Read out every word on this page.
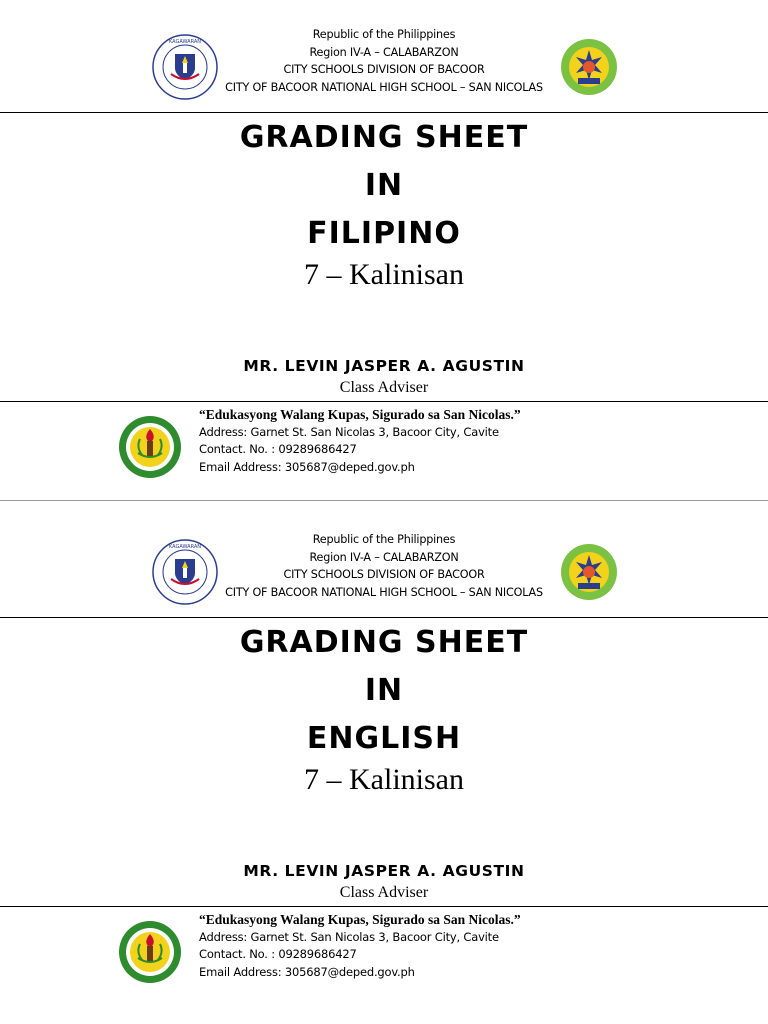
KAGAWARAN
Republic of the Philippines
Region IV-A – CALABARZON
CITY SCHOOLS DIVISION OF BACOOR
CITY OF BACOOR NATIONAL HIGH SCHOOL – SAN NICOLAS
GRADING SHEET
IN
FILIPINO
7 – Kalinisan
MR. LEVIN JASPER A. AGUSTIN
Class Adviser
“Edukasyong Walang Kupas, Sigurado sa San Nicolas.”
Address: Garnet St. San Nicolas 3, Bacoor City, Cavite
Contact. No. : 09289686427
Email Address: 305687@deped.gov.ph
KAGAWARAN
Republic of the Philippines
Region IV-A – CALABARZON
CITY SCHOOLS DIVISION OF BACOOR
CITY OF BACOOR NATIONAL HIGH SCHOOL – SAN NICOLAS
GRADING SHEET
IN
ENGLISH
7 – Kalinisan
MR. LEVIN JASPER A. AGUSTIN
Class Adviser
“Edukasyong Walang Kupas, Sigurado sa San Nicolas.”
Address: Garnet St. San Nicolas 3, Bacoor City, Cavite
Contact. No. : 09289686427
Email Address: 305687@deped.gov.ph
